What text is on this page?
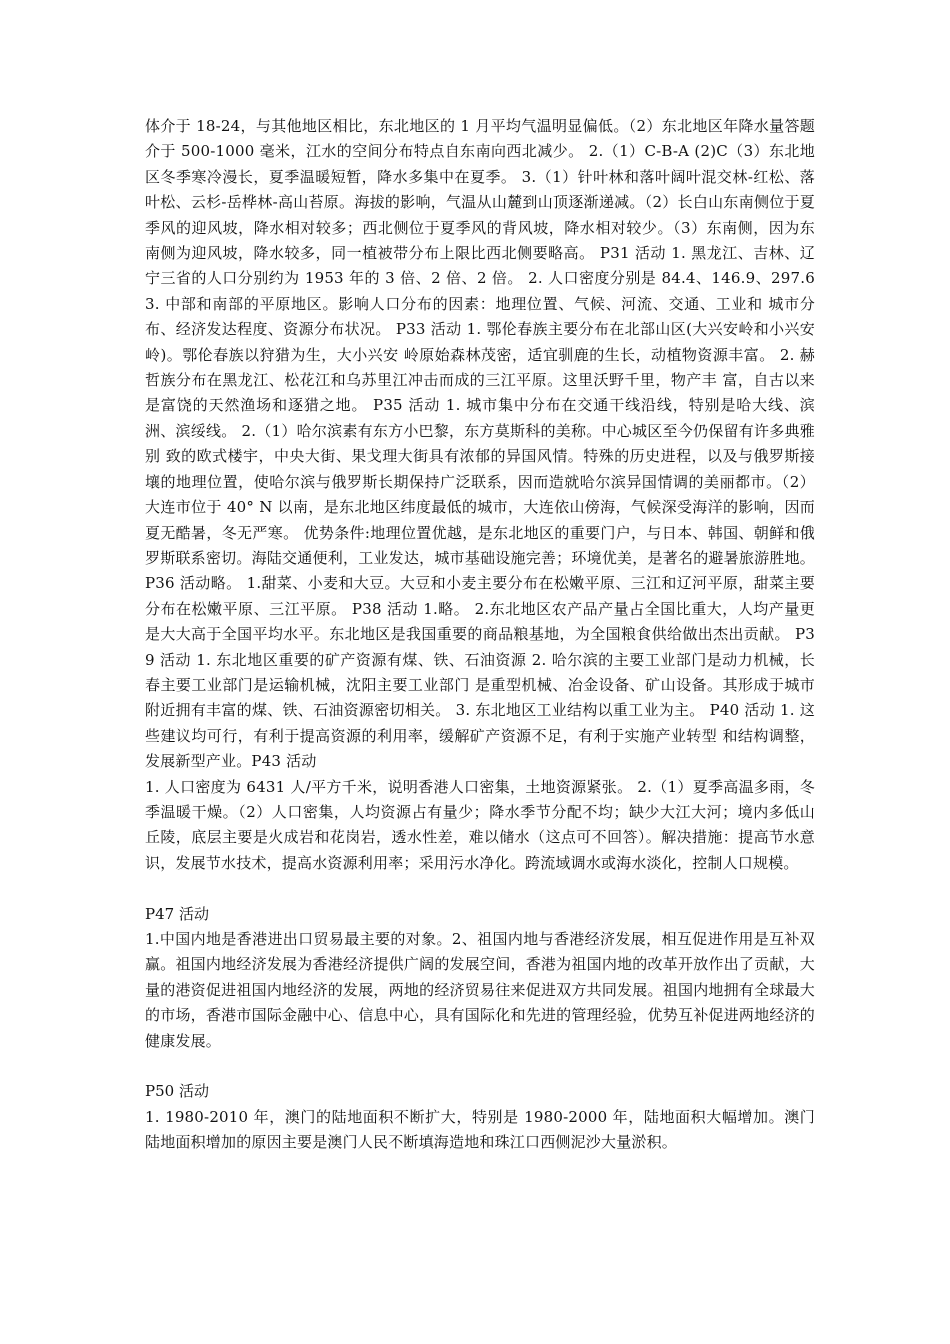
体介于 18-24，与其他地区相比，东北地区的 1 月平均气温明显偏低。（2）东北地区年降水量答题介于 500-1000 毫米，江水的空间分布特点自东南向西北减少。 2.（1）C-B-A (2)C（3）东北地区冬季寒冷漫长，夏季温暖短暂，降水多集中在夏季。 3.（1）针叶林和落叶阔叶混交林-红松、落叶松、云杉-岳桦林-高山苔原。海拔的影响，气温从山麓到山顶逐渐递减。（2）长白山东南侧位于夏季风的迎风坡，降水相对较多；西北侧位于夏季风的背风坡，降水相对较少。（3）东南侧，因为东南侧为迎风坡，降水较多，同一植被带分布上限比西北侧要略高。 P31 活动 1. 黑龙江、吉林、辽宁三省的人口分别约为 1953 年的 3 倍、2 倍、2 倍。 2. 人口密度分别是 84.4、146.9、297.6 3. 中部和南部的平原地区。影响人口分布的因素：地理位置、气候、河流、交通、工业和 城市分布、经济发达程度、资源分布状况。 P33 活动 1. 鄂伦春族主要分布在北部山区(大兴安岭和小兴安岭)。鄂伦春族以狩猎为生，大小兴安 岭原始森林茂密，适宜驯鹿的生长，动植物资源丰富。 2. 赫哲族分布在黑龙江、松花江和乌苏里江冲击而成的三江平原。这里沃野千里，物产丰 富，自古以来是富饶的天然渔场和逐猎之地。 P35 活动 1. 城市集中分布在交通干线沿线，特别是哈大线、滨洲、滨绥线。 2.（1）哈尔滨素有东方小巴黎，东方莫斯科的美称。中心城区至今仍保留有许多典雅别 致的欧式楼宇，中央大街、果戈理大街具有浓郁的异国风情。特殊的历史进程，以及与俄罗斯接壤的地理位置，使哈尔滨与俄罗斯长期保持广泛联系，因而造就哈尔滨异国情调的美丽都市。（2）大连市位于 40° N 以南，是东北地区纬度最低的城市，大连依山傍海，气候深受海洋的影响，因而夏无酷暑，冬无严寒。 优势条件:地理位置优越，是东北地区的重要门户，与日本、韩国、朝鲜和俄罗斯联系密切。海陆交通便利，工业发达，城市基础设施完善；环境优美，是著名的避暑旅游胜地。 P36 活动略。 1.甜菜、小麦和大豆。大豆和小麦主要分布在松嫩平原、三江和辽河平原，甜菜主要分布在松嫩平原、三江平原。 P38 活动 1.略。 2.东北地区农产品产量占全国比重大，人均产量更是大大高于全国平均水平。东北地区是我国重要的商品粮基地，为全国粮食供给做出杰出贡献。 P39 活动 1. 东北地区重要的矿产资源有煤、铁、石油资源 2. 哈尔滨的主要工业部门是动力机械，长春主要工业部门是运输机械，沈阳主要工业部门 是重型机械、冶金设备、矿山设备。其形成于城市附近拥有丰富的煤、铁、石油资源密切相关。 3. 东北地区工业结构以重工业为主。 P40 活动 1. 这些建议均可行，有利于提高资源的利用率，缓解矿产资源不足，有利于实施产业转型 和结构调整，发展新型产业。P43 活动

1. 人口密度为 6431 人/平方千米，说明香港人口密集，土地资源紧张。 2.（1）夏季高温多雨，冬季温暖干燥。（2）人口密集，人均资源占有量少；降水季节分配不均；缺少大江大河；境内多低山丘陵，底层主要是火成岩和花岗岩，透水性差，难以储水（这点可不回答）。解决措施：提高节水意识，发展节水技术，提高水资源利用率；采用污水净化。跨流域调水或海水淡化，控制人口规模。

P47 活动

1.中国内地是香港进出口贸易最主要的对象。2、祖国内地与香港经济发展，相互促进作用是互补双赢。祖国内地经济发展为香港经济提供广阔的发展空间，香港为祖国内地的改革开放作出了贡献，大量的港资促进祖国内地经济的发展，两地的经济贸易往来促进双方共同发展。祖国内地拥有全球最大的市场，香港市国际金融中心、信息中心，具有国际化和先进的管理经验，优势互补促进两地经济的健康发展。

P50 活动

1. 1980-2010 年，澳门的陆地面积不断扩大，特别是 1980-2000 年，陆地面积大幅增加。澳门陆地面积增加的原因主要是澳门人民不断填海造地和珠江口西侧泥沙大量淤积。
